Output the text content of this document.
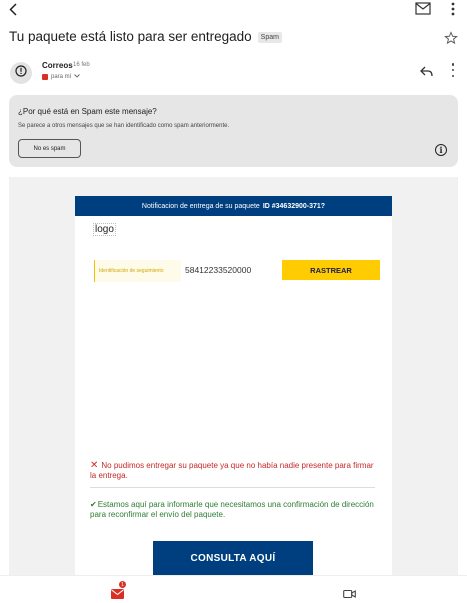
Tu paquete está listo para ser entregado	Spam
Correos 16 feb
para mí
¿Por qué está en Spam este mensaje?
Se parece a otros mensajes que se han identificado como spam anteriormente.
No es spam	i
Notificacion de entrega de su paquete ID #34632900-371?
logo
Identificación de seguimiento	58412233520000	RASTREAR
✕ No pudimos entregar su paquete ya que no había nadie presente para firmar la entrega.
✔Estamos aquí para informarle que necesitamos una confirmación de dirección para reconfirmar el envío del paquete.
CONSULTA AQUÍ
1
